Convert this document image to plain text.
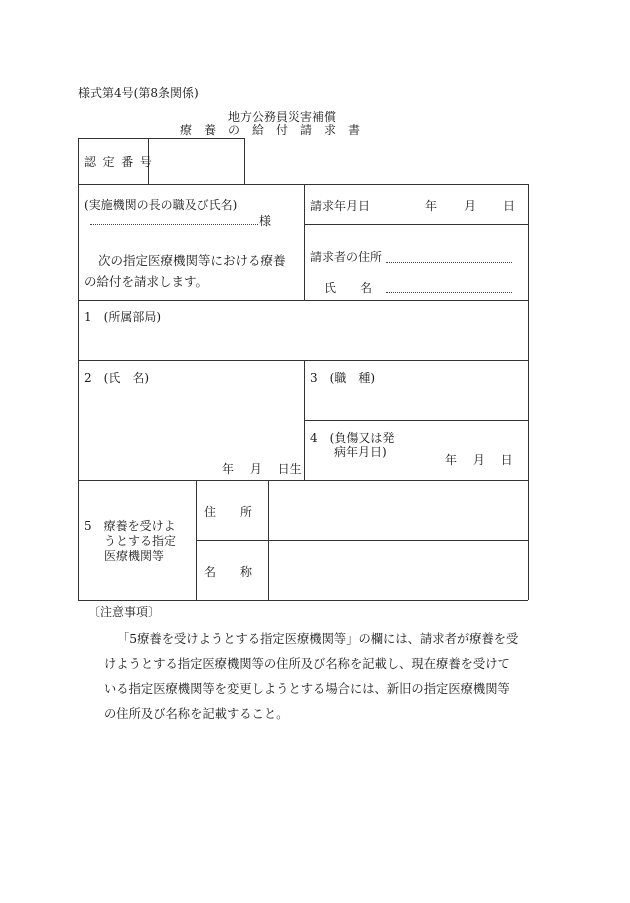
様式第4号(第8条関係)
地方公務員災害補償
療　養　の　給　付　請　求　書
認定番号
(実施機関の長の職及び氏名)
様
次の指定医療機関等における療養
の給付を請求します。
請求年月日	年 月 日
請求者の住所
氏　　名
1　(所属部局)
2　(氏　名)
年　 月　 日生
3　(職　種)
4　(負傷又は発
病年月日)
年　 月　 日
5　療養を受けよ
うとする指定
医療機関等
住　　所
名　　称
〔注意事項〕
「5療養を受けようとする指定医療機関等」の欄には、請求者が療養を受
けようとする指定医療機関等の住所及び名称を記載し、現在療養を受けて
いる指定医療機関等を変更しようとする場合には、新旧の指定医療機関等
の住所及び名称を記載すること。
